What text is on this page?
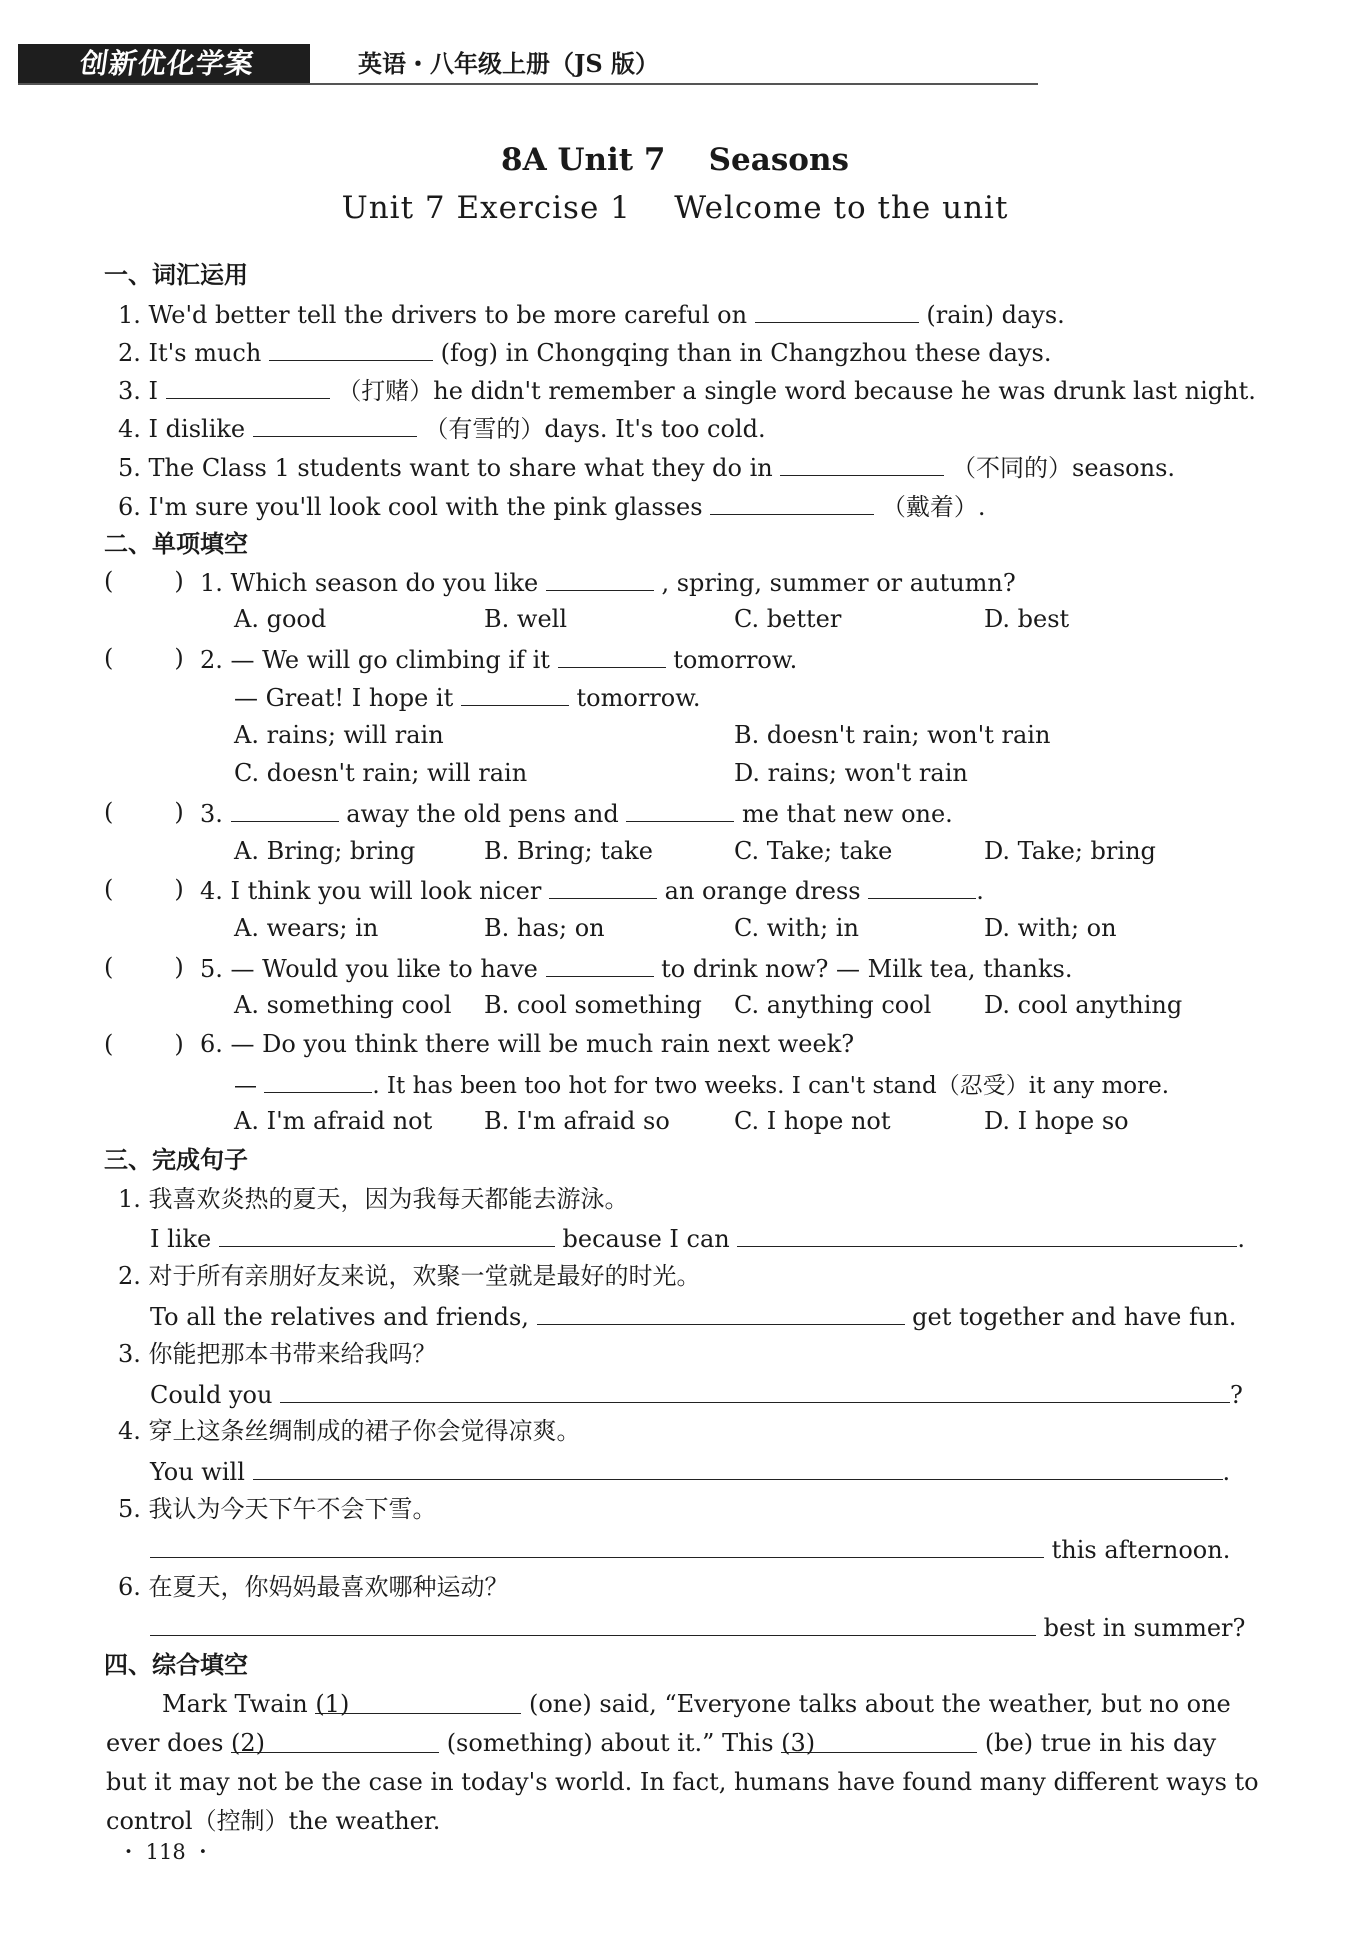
创新优化学案	英语・八年级上册（JS 版）
8A Unit 7    Seasons
Unit 7 Exercise 1    Welcome to the unit
一、词汇运用
1. We'd better tell the drivers to be more careful on	(rain) days.
2. It's much	(fog) in Chongqing than in Changzhou these days.
3. I	（打赌）he didn't remember a single word because he was drunk last night.
4. I dislike	（有雪的）days. It's too cold.
5. The Class 1 students want to share what they do in	（不同的）seasons.
6. I'm sure you'll look cool with the pink glasses	（戴着）.
二、单项填空
(        ) 1. Which season do you like	, spring, summer or autumn?
A. good	B. well	C. better	D. best
(        ) 2. — We will go climbing if it	tomorrow.
— Great! I hope it	tomorrow.
A. rains; will rain	B. doesn't rain; won't rain
C. doesn't rain; will rain	D. rains; won't rain
(        ) 3.	away the old pens and	me that new one.
A. Bring; bring	B. Bring; take	C. Take; take	D. Take; bring
(        ) 4. I think you will look nicer	an orange dress	.
A. wears; in	B. has; on	C. with; in	D. with; on
(        ) 5. — Would you like to have	to drink now? — Milk tea, thanks.
A. something cool B. cool something C. anything cool D. cool anything
(        ) 6. — Do you think there will be much rain next week?
—	. It has been too hot for two weeks. I can't stand（忍受）it any more.
A. I'm afraid not B. I'm afraid so	C. I hope not	D. I hope so
三、完成句子
1. 我喜欢炎热的夏天，因为我每天都能去游泳。
I like	because I can	.
2. 对于所有亲朋好友来说，欢聚一堂就是最好的时光。
To all the relatives and friends,	get together and have fun.
3. 你能把那本书带来给我吗？
Could you	?
4. 穿上这条丝绸制成的裙子你会觉得凉爽。
You will	.
5. 我认为今天下午不会下雪。
this afternoon.
6. 在夏天，你妈妈最喜欢哪种运动？
best in summer?
四、综合填空
Mark Twain (1)	(one) said, “Everyone talks about the weather, but no one
ever does (2)	(something) about it.” This (3)	(be) true in his day
but it may not be the case in today's world. In fact, humans have found many different ways to
control（控制）the weather.
・ 118 ・
